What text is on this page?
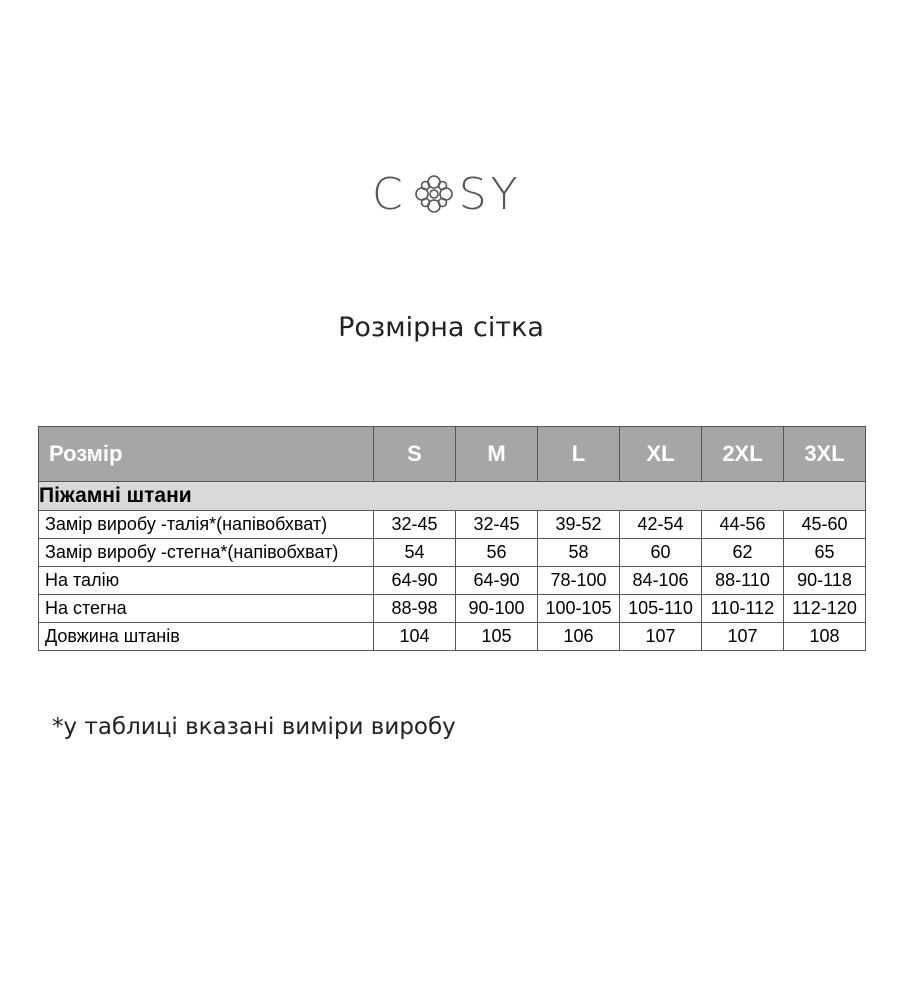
C SY
Розмірна сітка
Розмір	S	M	L	XL	2XL	3XL
Піжамні штани						
Замір виробу -талія*(напівобхват)	32-45	32-45	39-52	42-54	44-56	45-60
Замір виробу -стегна*(напівобхват)	54	56	58	60	62	65
На талію	64-90	64-90	78-100	84-106	88-110	90-118
На стегна	88-98	90-100	100-105	105-110	110-112	112-120
Довжина штанів	104	105	106	107	107	108
*у таблиці вказані виміри виробу
